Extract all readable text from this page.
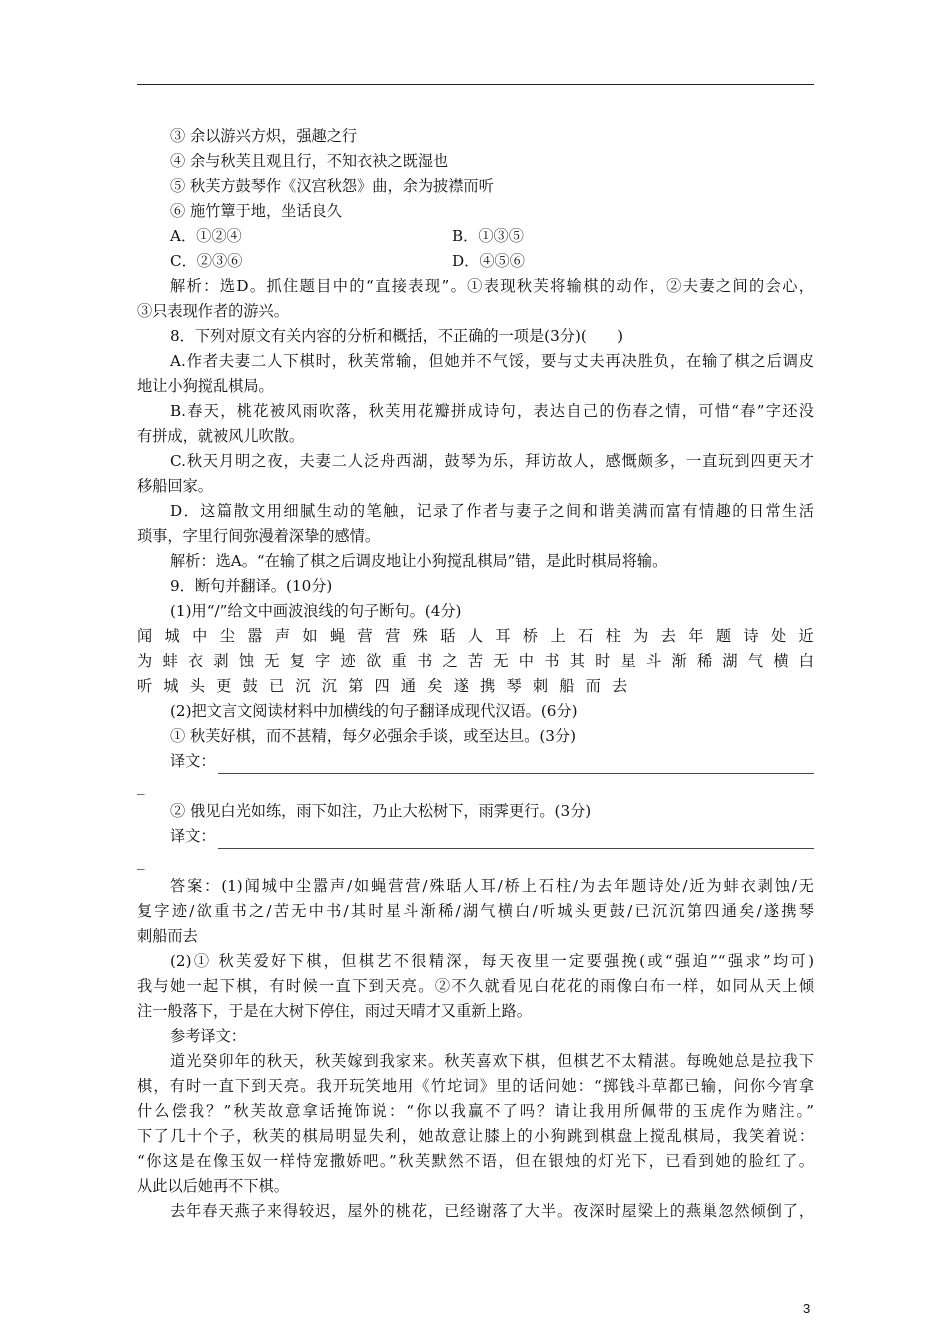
③ 余以游兴方炽，强趣之行
④ 余与秋芙且观且行，不知衣袂之既湿也
⑤ 秋芙方鼓琴作《汉宫秋怨》曲，余为披襟而听
⑥ 施竹簟于地，坐话良久
A．①②④	B．①③⑤
C．②③⑥	D．④⑤⑥
解析：选D。抓住题目中的“直接表现”。①表现秋芙将输棋的动作，②夫妻之间的会心，
③只表现作者的游兴。
8．下列对原文有关内容的分析和概括，不正确的一项是(3分)(　　)
A.作者夫妻二人下棋时，秋芙常输，但她并不气馁，要与丈夫再决胜负，在输了棋之后调皮
地让小狗搅乱棋局。
B.春天，桃花被风雨吹落，秋芙用花瓣拼成诗句，表达自己的伤春之情，可惜“春”字还没
有拼成，就被风儿吹散。
C.秋天月明之夜，夫妻二人泛舟西湖，鼓琴为乐，拜访故人，感慨颇多，一直玩到四更天才
移船回家。
D．这篇散文用细腻生动的笔触，记录了作者与妻子之间和谐美满而富有情趣的日常生活
琐事，字里行间弥漫着深挚的感情。
解析：选A。“在输了棋之后调皮地让小狗搅乱棋局”错，是此时棋局将输。
9．断句并翻译。(10分)
(1)用“/”给文中画波浪线的句子断句。(4分)
闻 城 中 尘 嚣 声 如 蝇 营 营 殊 聒 人 耳 桥 上 石 柱 为 去 年 题 诗 处 近
为 蚌 衣 剥 蚀 无 复 字 迹 欲 重 书 之 苦 无 中 书 其 时 星 斗 渐 稀 湖 气 横 白
听 城 头 更 鼓 已 沉 沉 第 四 通 矣 遂 携 琴 刺 船 而 去
(2)把文言文阅读材料中加横线的句子翻译成现代汉语。(6分)
① 秋芙好棋，而不甚精，每夕必强余手谈，或至达旦。(3分)
译文：
_
② 俄见白光如练，雨下如注，乃止大松树下，雨霁更行。(3分)
译文：
_
答案：(1)闻城中尘嚣声/如蝇营营/殊聒人耳/桥上石柱/为去年题诗处/近为蚌衣剥蚀/无
复字迹/欲重书之/苦无中书/其时星斗渐稀/湖气横白/听城头更鼓/已沉沉第四通矣/遂携琴
刺船而去
(2)① 秋芙爱好下棋，但棋艺不很精深，每天夜里一定要强挽(或“强迫”“强求”均可)
我与她一起下棋，有时候一直下到天亮。②不久就看见白花花的雨像白布一样，如同从天上倾
注一般落下，于是在大树下停住，雨过天晴才又重新上路。
参考译文：
道光癸卯年的秋天，秋芙嫁到我家来。秋芙喜欢下棋，但棋艺不太精湛。每晚她总是拉我下
棋，有时一直下到天亮。我开玩笑地用《竹坨词》里的话问她：“掷钱斗草都已输，问你今宵拿
什么偿我？”秋芙故意拿话掩饰说：“你以我赢不了吗？请让我用所佩带的玉虎作为赌注。”
下了几十个子，秋芙的棋局明显失利，她故意让膝上的小狗跳到棋盘上搅乱棋局，我笑着说：
“你这是在像玉奴一样恃宠撒娇吧。”秋芙默然不语，但在银烛的灯光下，已看到她的脸红了。
从此以后她再不下棋。
去年春天燕子来得较迟，屋外的桃花，已经谢落了大半。夜深时屋梁上的燕巢忽然倾倒了，
3
